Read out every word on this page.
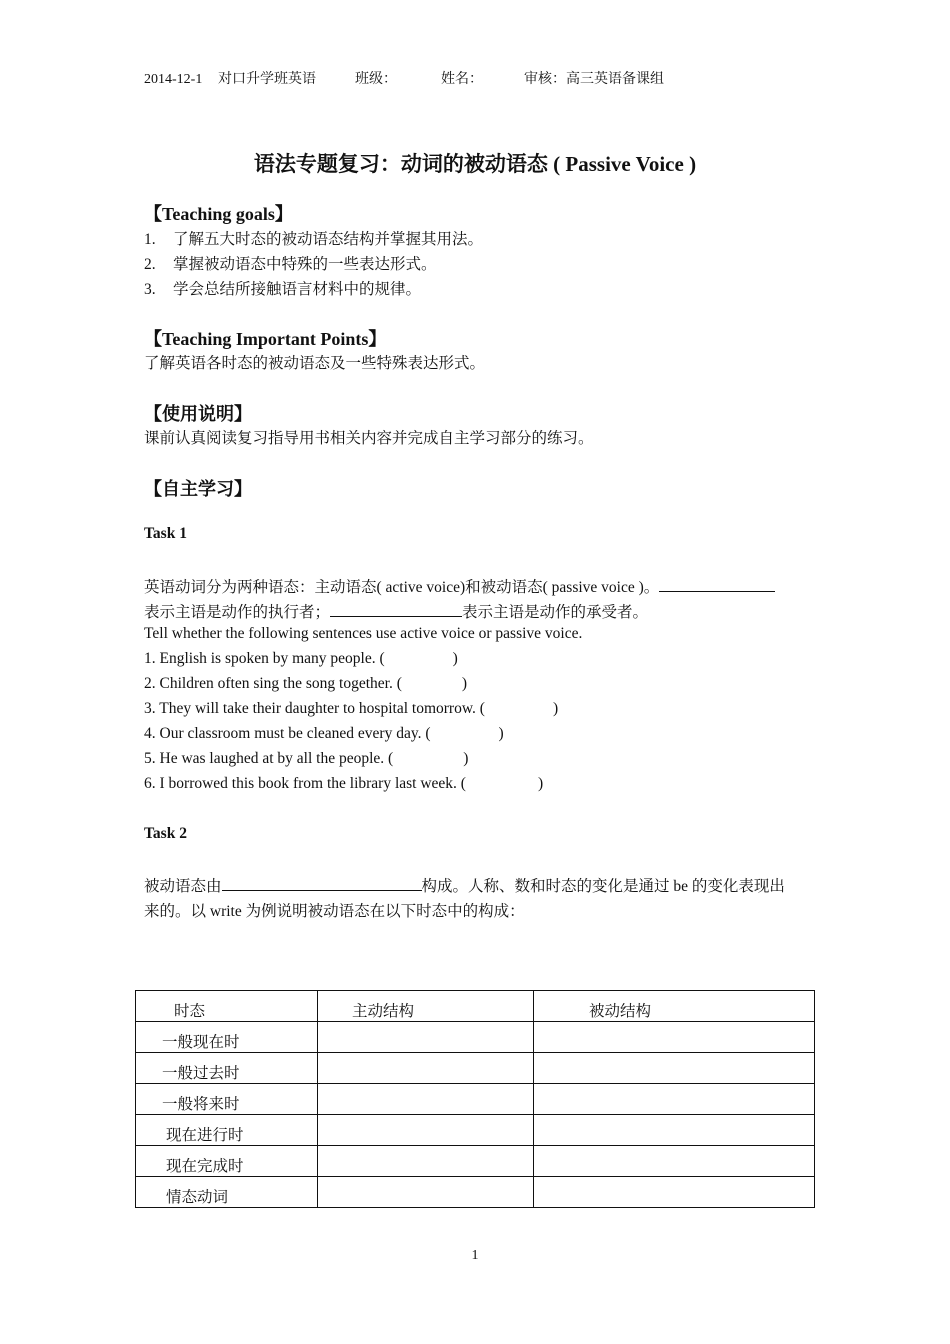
2014-12-1 对口升学班英语	班级：	姓名：	审核：高三英语备课组
语法专题复习：动词的被动语态 ( Passive Voice )
【Teaching goals】
1. 了解五大时态的被动语态结构并掌握其用法。
2. 掌握被动语态中特殊的一些表达形式。
3. 学会总结所接触语言材料中的规律。
【Teaching Important Points】
了解英语各时态的被动语态及一些特殊表达形式。
【使用说明】
课前认真阅读复习指导用书相关内容并完成自主学习部分的练习。
【自主学习】
Task 1
英语动词分为两种语态：主动语态( active voice)和被动语态( passive voice )。
表示主语是动作的执行者；	表示主语是动作的承受者。
Tell whether the following sentences use active voice or passive voice.
1. English is spoken by many people. (	)
2. Children often sing the song together. (	)
3. They will take their daughter to hospital tomorrow. (	)
4. Our classroom must be cleaned every day. (	)
5. He was laughed at by all the people. (	)
6. I borrowed this book from the library last week. (	)
Task 2
被动语态由	构成。人称、数和时态的变化是通过 be 的变化表现出
来的。以 write 为例说明被动语态在以下时态中的构成：
时态	主动结构	被动结构
一般现在时		
一般过去时		
一般将来时		
现在进行时		
现在完成时		
情态动词		
1
